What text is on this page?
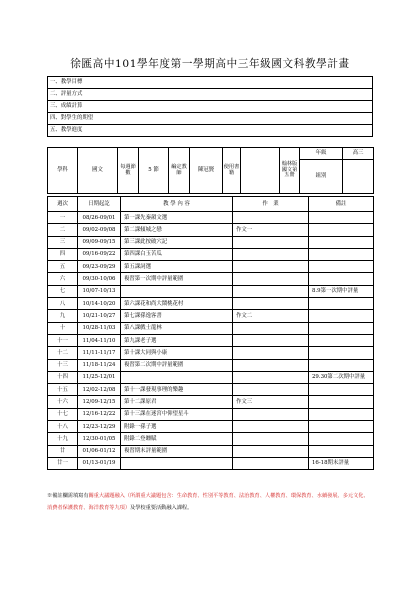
徐匯高中101學年度第一學期高中三年級國文科教學計畫
一、教學目標
二、評量方式
三、成績計算
四、對學生的期望
五、教學進度
學科	國文	每週節數	5 節	編定教師	陳冠賢	使用書籍		翰林版國文第五冊	年級	高三
									組別	
週次	日期起訖	教 學 內 容	作　業	備註
一	08/26-09/01	第一課先秦韻文選		
二	09/02-09/08	第二課傾城之戀	作文一	
三	09/09-09/15	第三課此按破穴記		
四	09/16-09/22	第四課白玉苦瓜		
五	09/23-09/29	第五課詞選		
六	09/30-10/06	複習第一次期中評量範圍		
七	10/07-10/13			8.9第一次期中評量
八	10/14-10/20	第六課花和尚大鬧桃花村		
九	10/21-10/27	第七課孫逸客書	作文二	
十	10/28-11/03	第八課戲士龍林		
十一	11/04-11/10	第九課老子選		
十二	11/11-11/17	第十課大同與小康		
十三	11/18-11/24	複習第二次期中評量範圍		
十四	11/25-12/01			29.30第二次期中評量
十五	12/02-12/08	第十一課發現事理的樂趣		
十六	12/09-12/15	第十二課原君	作文三	
十七	12/16-12/22	第十三課在迷宮中仰望星斗		
十八	12/23-12/29	附錄一孫子選		
十九	12/30-01/05	附錄二登纏賦		
廿	01/06-01/12	複習期末評量範圍		
廿一	01/13-01/19			16-18期末評量
※備註欄需填寫有關重大議題融入（所謂重大議題包含：生命教育、性別平等教育、法治教育、人權教育、環保教育、水續發展、多元文化、消費者保護教育、海洋教育等九項）及學校重要活動融入課程。
